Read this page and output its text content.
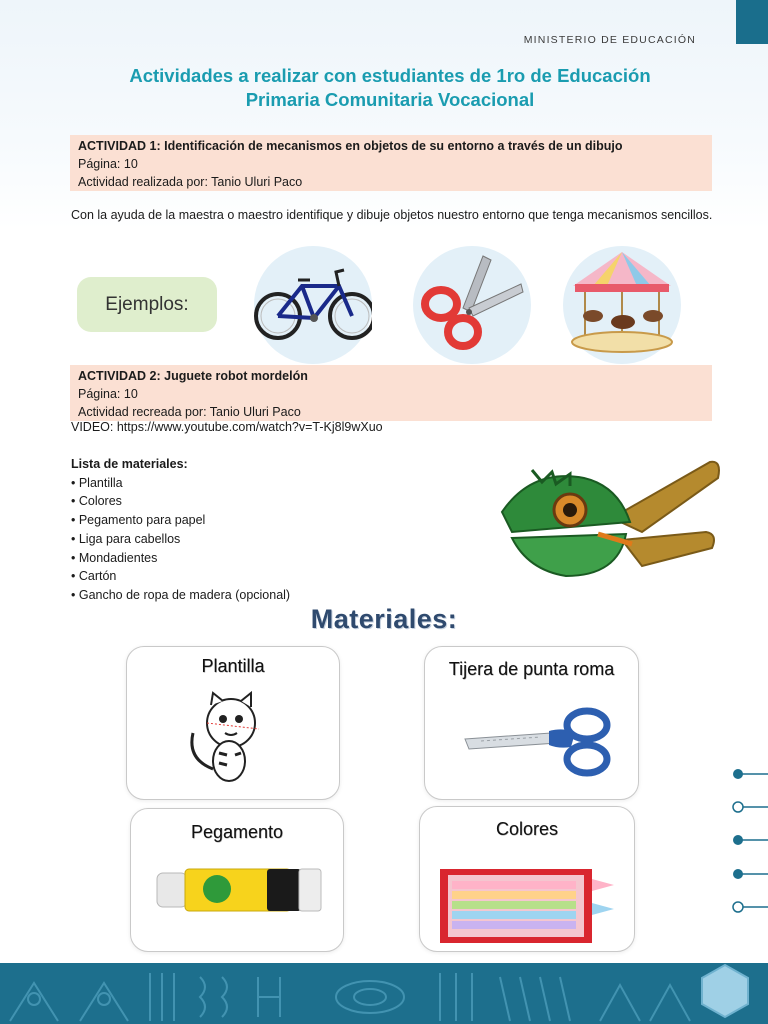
MINISTERIO DE EDUCACIÓN
Actividades a realizar con estudiantes de 1ro de Educación
Primaria Comunitaria Vocacional
ACTIVIDAD 1: Identificación de mecanismos en objetos de su entorno a través de un dibujo
Página: 10
Actividad realizada por: Tanio Uluri Paco
Con la ayuda de la maestra o maestro identifique y dibuje objetos nuestro entorno que tenga mecanismos sencillos.
Ejemplos:
ACTIVIDAD 2: Juguete robot mordelón
Página: 10
Actividad recreada por: Tanio Uluri Paco
VIDEO: https://www.youtube.com/watch?v=T-Kj8l9wXuo
Lista de materiales:
• Plantilla
• Colores
• Pegamento para papel
• Liga para cabellos
• Mondadientes
• Cartón
• Gancho de ropa de madera (opcional)
Materiales:
Plantilla	Tijera de punta roma
Pegamento	Colores
